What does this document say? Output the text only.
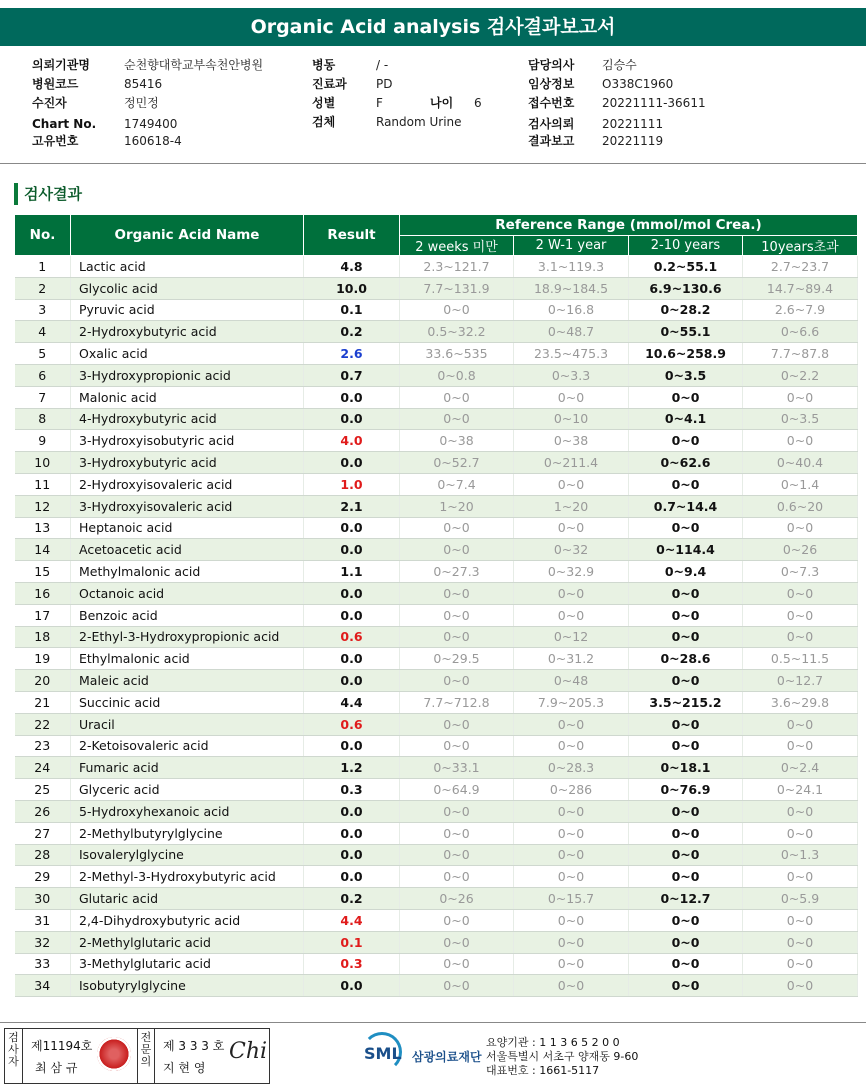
Organic Acid analysis 검사결과보고서
의뢰기관명	순천향대학교부속천안병원
병원코드	85416
수진자	정민정
Chart No. 1749400
고유번호	160618-4
병동	/ -
진료과 PD
성별	F	나이 6
검체	Random Urine
담당의사 김승수
임상정보 O338C1960
접수번호 20221111-36611
검사의뢰 20221111
결과보고 20221119
검사결과
No.	Organic Acid Name	Result	Reference Range (mmol/mol Crea.)			
			2 weeks 미만	2 W-1 year	2-10 years	10years초과
1	Lactic acid	4.8	2.3~121.7	3.1~119.3	0.2~55.1	2.7~23.7
2	Glycolic acid	10.0	7.7~131.9	18.9~184.5	6.9~130.6	14.7~89.4
3	Pyruvic acid	0.1	0~0	0~16.8	0~28.2	2.6~7.9
4	2-Hydroxybutyric acid	0.2	0.5~32.2	0~48.7	0~55.1	0~6.6
5	Oxalic acid	2.6	33.6~535	23.5~475.3	10.6~258.9	7.7~87.8
6	3-Hydroxypropionic acid	0.7	0~0.8	0~3.3	0~3.5	0~2.2
7	Malonic acid	0.0	0~0	0~0	0~0	0~0
8	4-Hydroxybutyric acid	0.0	0~0	0~10	0~4.1	0~3.5
9	3-Hydroxyisobutyric acid	4.0	0~38	0~38	0~0	0~0
10	3-Hydroxybutyric acid	0.0	0~52.7	0~211.4	0~62.6	0~40.4
11	2-Hydroxyisovaleric acid	1.0	0~7.4	0~0	0~0	0~1.4
12	3-Hydroxyisovaleric acid	2.1	1~20	1~20	0.7~14.4	0.6~20
13	Heptanoic acid	0.0	0~0	0~0	0~0	0~0
14	Acetoacetic acid	0.0	0~0	0~32	0~114.4	0~26
15	Methylmalonic acid	1.1	0~27.3	0~32.9	0~9.4	0~7.3
16	Octanoic acid	0.0	0~0	0~0	0~0	0~0
17	Benzoic acid	0.0	0~0	0~0	0~0	0~0
18	2-Ethyl-3-Hydroxypropionic acid	0.6	0~0	0~12	0~0	0~0
19	Ethylmalonic acid	0.0	0~29.5	0~31.2	0~28.6	0.5~11.5
20	Maleic acid	0.0	0~0	0~48	0~0	0~12.7
21	Succinic acid	4.4	7.7~712.8	7.9~205.3	3.5~215.2	3.6~29.8
22	Uracil	0.6	0~0	0~0	0~0	0~0
23	2-Ketoisovaleric acid	0.0	0~0	0~0	0~0	0~0
24	Fumaric acid	1.2	0~33.1	0~28.3	0~18.1	0~2.4
25	Glyceric acid	0.3	0~64.9	0~286	0~76.9	0~24.1
26	5-Hydroxyhexanoic acid	0.0	0~0	0~0	0~0	0~0
27	2-Methylbutyrylglycine	0.0	0~0	0~0	0~0	0~0
28	Isovalerylglycine	0.0	0~0	0~0	0~0	0~1.3
29	2-Methyl-3-Hydroxybutyric acid	0.0	0~0	0~0	0~0	0~0
30	Glutaric acid	0.2	0~26	0~15.7	0~12.7	0~5.9
31	2,4-Dihydroxybutyric acid	4.4	0~0	0~0	0~0	0~0
32	2-Methylglutaric acid	0.1	0~0	0~0	0~0	0~0
33	3-Methylglutaric acid	0.3	0~0	0~0	0~0	0~0
34	Isobutyrylglycine	0.0	0~0	0~0	0~0	0~0
검
사
자
제11194호
최 삼 규
전
문
의
제 3 3 3 호
지 현 영
Chi	SML 삼광의료재단
요양기관 : 1 1 3 6 5 2 0 0
서울특별시 서초구 양재동 9-60
대표번호 : 1661-5117
